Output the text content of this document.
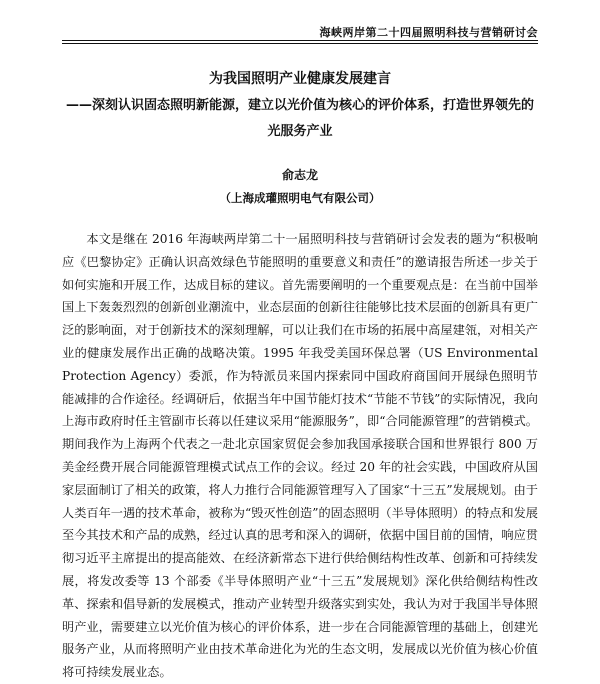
海峡两岸第二十四届照明科技与营销研讨会
为我国照明产业健康发展建言
——深刻认识固态照明新能源，建立以光价值为核心的评价体系，打造世界领先的光服务产业
俞志龙
（上海成瓘照明电气有限公司）

本文是继在 2016 年海峡两岸第二十一届照明科技与营销研讨会发表的题为“积极响应《巴黎协定》正确认识高效绿色节能照明的重要意义和责任”的邀请报告所述一步关于如何实施和开展工作，达成目标的建议。首先需要阐明的一个重要观点是：在当前中国举国上下轰轰烈烈的创新创业潮流中，业态层面的创新往往能够比技术层面的创新具有更广泛的影响面，对于创新技术的深刻理解，可以让我们在市场的拓展中高屋建瓴，对相关产业的健康发展作出正确的战略决策。1995 年我受美国环保总署（US Environmental Protection Agency）委派，作为特派员来国内探索同中国政府商国间开展绿色照明节能减排的合作途径。经调研后，依据当年中国节能灯技术“节能不节钱”的实际情况，我向上海市政府时任主管副市长蒋以任建议采用“能源服务”，即“合同能源管理”的营销模式。期间我作为上海两个代表之一赴北京国家贸促会参加我国承接联合国和世界银行 800 万美金经费开展合同能源管理模式试点工作的会议。经过 20 年的社会实践，中国政府从国家层面制订了相关的政策，将人力推行合同能源管理写入了国家“十三五”发展规划。由于人类百年一遇的技术革命，被称为“毁灭性创造”的固态照明（半导体照明）的特点和发展至今其技术和产品的成熟，经过认真的思考和深入的调研，依据中国目前的国情，响应贯彻习近平主席提出的提高能效、在经济新常态下进行供给侧结构性改革、创新和可持续发展，将发改委等 13 个部委《半导体照明产业“十三五”发展规划》深化供给侧结构性改革、探索和倡导新的发展模式，推动产业转型升级落实到实处，我认为对于我国半导体照明产业，需要建立以光价值为核心的评价体系，进一步在合同能源管理的基础上，创建光服务产业，从而将照明产业由技术革命进化为光的生态文明，发展成以光价值为核心价值将可持续发展业态。
